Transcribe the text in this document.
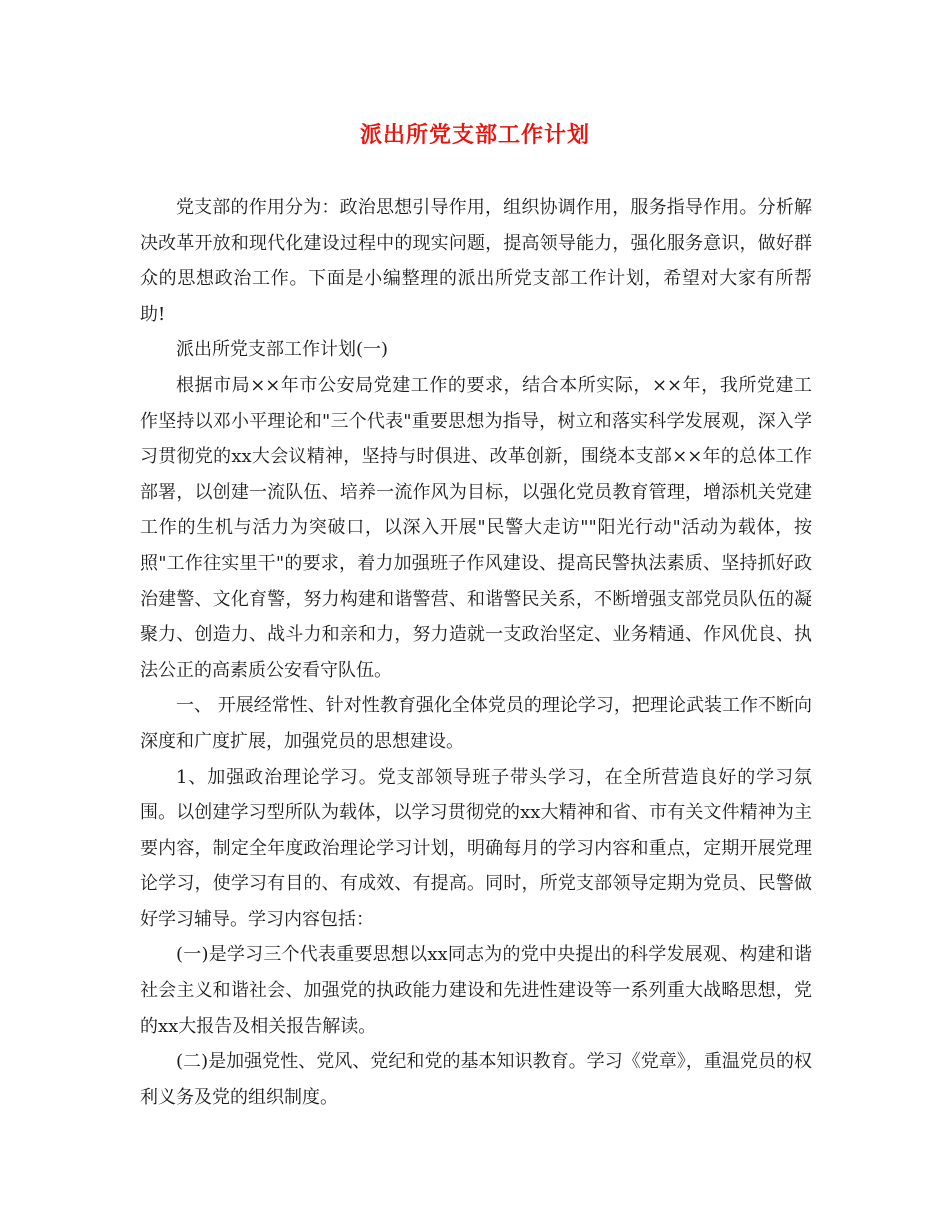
派出所党支部工作计划

党支部的作用分为：政治思想引导作用，组织协调作用，服务指导作用。分析解决改革开放和现代化建设过程中的现实问题，提高领导能力，强化服务意识，做好群众的思想政治工作。下面是小编整理的派出所党支部工作计划，希望对大家有所帮助!

派出所党支部工作计划(一)

根据市局××年市公安局党建工作的要求，结合本所实际，××年，我所党建工作坚持以邓小平理论和"三个代表"重要思想为指导，树立和落实科学发展观，深入学习贯彻党的xx大会议精神，坚持与时俱进、改革创新，围绕本支部××年的总体工作部署，以创建一流队伍、培养一流作风为目标，以强化党员教育管理，增添机关党建工作的生机与活力为突破口，以深入开展"民警大走访""阳光行动"活动为载体，按照"工作往实里干"的要求，着力加强班子作风建设、提高民警执法素质、坚持抓好政治建警、文化育警，努力构建和谐警营、和谐警民关系，不断增强支部党员队伍的凝聚力、创造力、战斗力和亲和力，努力造就一支政治坚定、业务精通、作风优良、执法公正的高素质公安看守队伍。

一、 开展经常性、针对性教育强化全体党员的理论学习，把理论武装工作不断向深度和广度扩展，加强党员的思想建设。

1、加强政治理论学习。党支部领导班子带头学习，在全所营造良好的学习氛围。以创建学习型所队为载体，以学习贯彻党的xx大精神和省、市有关文件精神为主要内容，制定全年度政治理论学习计划，明确每月的学习内容和重点，定期开展党理论学习，使学习有目的、有成效、有提高。同时，所党支部领导定期为党员、民警做好学习辅导。学习内容包括：

(一)是学习三个代表重要思想以xx同志为的党中央提出的科学发展观、构建和谐社会主义和谐社会、加强党的执政能力建设和先进性建设等一系列重大战略思想，党的xx大报告及相关报告解读。

(二)是加强党性、党风、党纪和党的基本知识教育。学习《党章》，重温党员的权利义务及党的组织制度。
